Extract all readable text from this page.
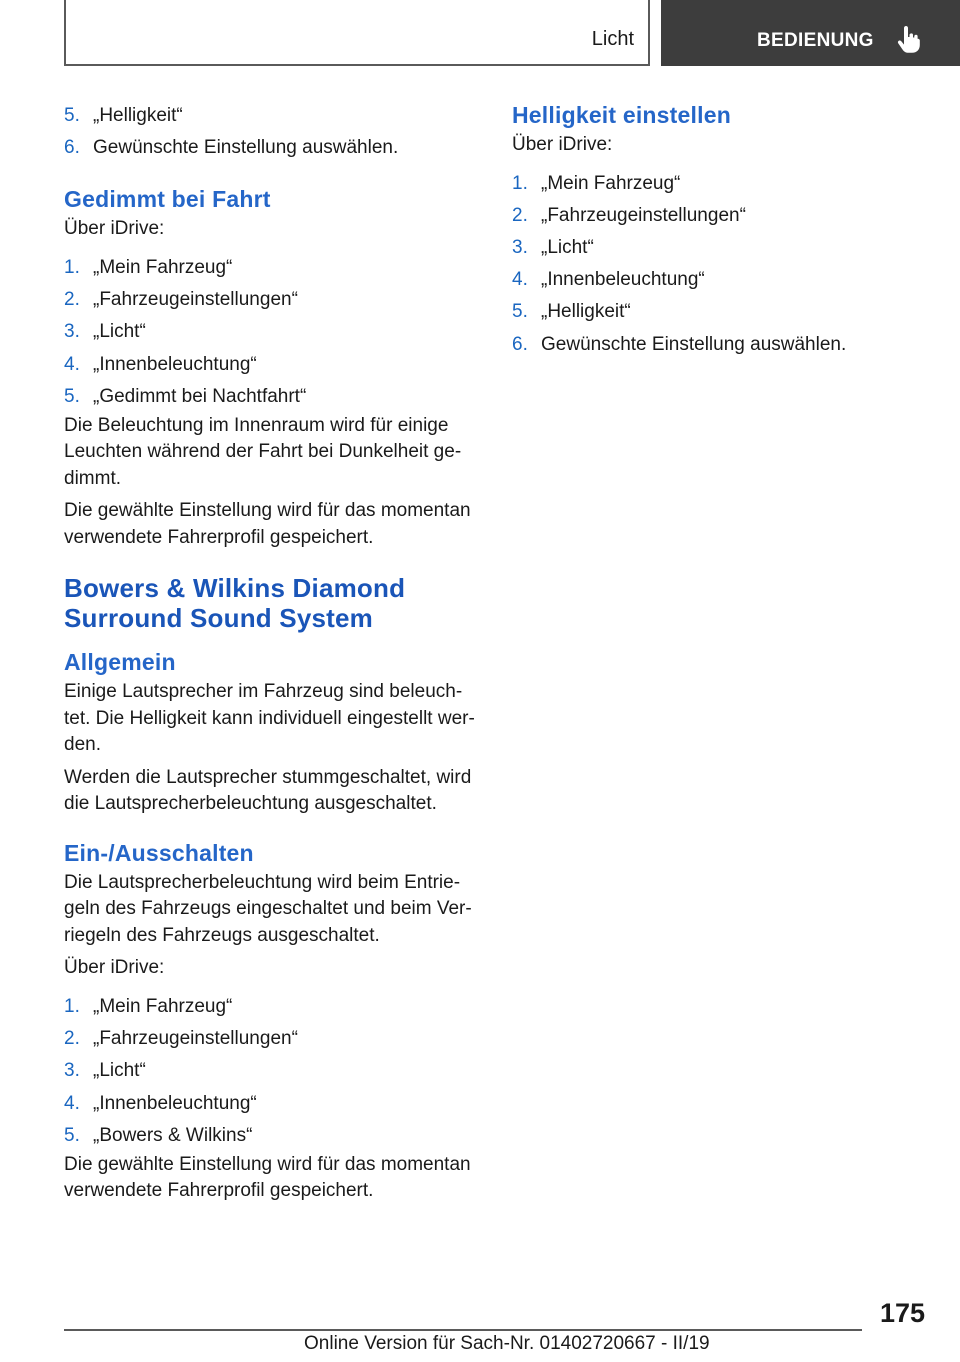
Licht	BEDIENUNG
5. „Helligkeit“
6. Gewünschte Einstellung auswählen.
Gedimmt bei Fahrt

Über iDrive:

1. „Mein Fahrzeug“
2. „Fahrzeugeinstellungen“
3. „Licht“
4. „Innenbeleuchtung“
5. „Gedimmt bei Nachtfahrt“

Die Beleuchtung im Innenraum wird für einige Leuchten während der Fahrt bei Dunkelheit gedimmt.

Die gewählte Einstellung wird für das momentan verwendete Fahrerprofil gespeichert.

Bowers & Wilkins Diamond Surround Sound System
Allgemein

Einige Lautsprecher im Fahrzeug sind beleuchtet. Die Helligkeit kann individuell eingestellt werden.

Werden die Lautsprecher stummgeschaltet, wird die Lautsprecherbeleuchtung ausgeschaltet.

Ein-/Ausschalten

Die Lautsprecherbeleuchtung wird beim Entriegeln des Fahrzeugs eingeschaltet und beim Verriegeln des Fahrzeugs ausgeschaltet.

Über iDrive:

1. „Mein Fahrzeug“
2. „Fahrzeugeinstellungen“
3. „Licht“
4. „Innenbeleuchtung“
5. „Bowers & Wilkins“

Die gewählte Einstellung wird für das momentan verwendete Fahrerprofil gespeichert.

Helligkeit einstellen

Über iDrive:

1. „Mein Fahrzeug“
2. „Fahrzeugeinstellungen“
3. „Licht“
4. „Innenbeleuchtung“
5. „Helligkeit“
6. Gewünschte Einstellung auswählen.
175
Online Version für Sach-Nr. 01402720667 - II/19
